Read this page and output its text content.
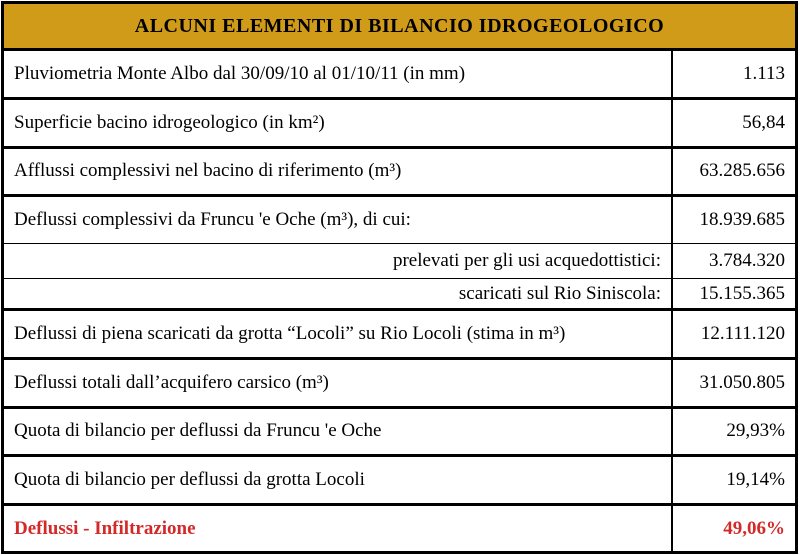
ALCUNI ELEMENTI DI BILANCIO IDROGEOLOGICO
Pluviometria Monte Albo dal 30/09/10 al 01/10/11 (in mm)	1.113
Superficie bacino idrogeologico (in km²)	56,84
Afflussi complessivi nel bacino di riferimento (m³)	63.285.656
Deflussi complessivi da Fruncu 'e Oche (m³), di cui:	18.939.685
prelevati per gli usi acquedottistici:	3.784.320
scaricati sul Rio Siniscola:	15.155.365
Deflussi di piena scaricati da grotta “Locoli” su Rio Locoli (stima in m³)	12.111.120
Deflussi totali dall’acquifero carsico (m³)	31.050.805
Quota di bilancio per deflussi da Fruncu 'e Oche	29,93%
Quota di bilancio per deflussi da grotta Locoli	19,14%
Deflussi - Infiltrazione	49,06%
